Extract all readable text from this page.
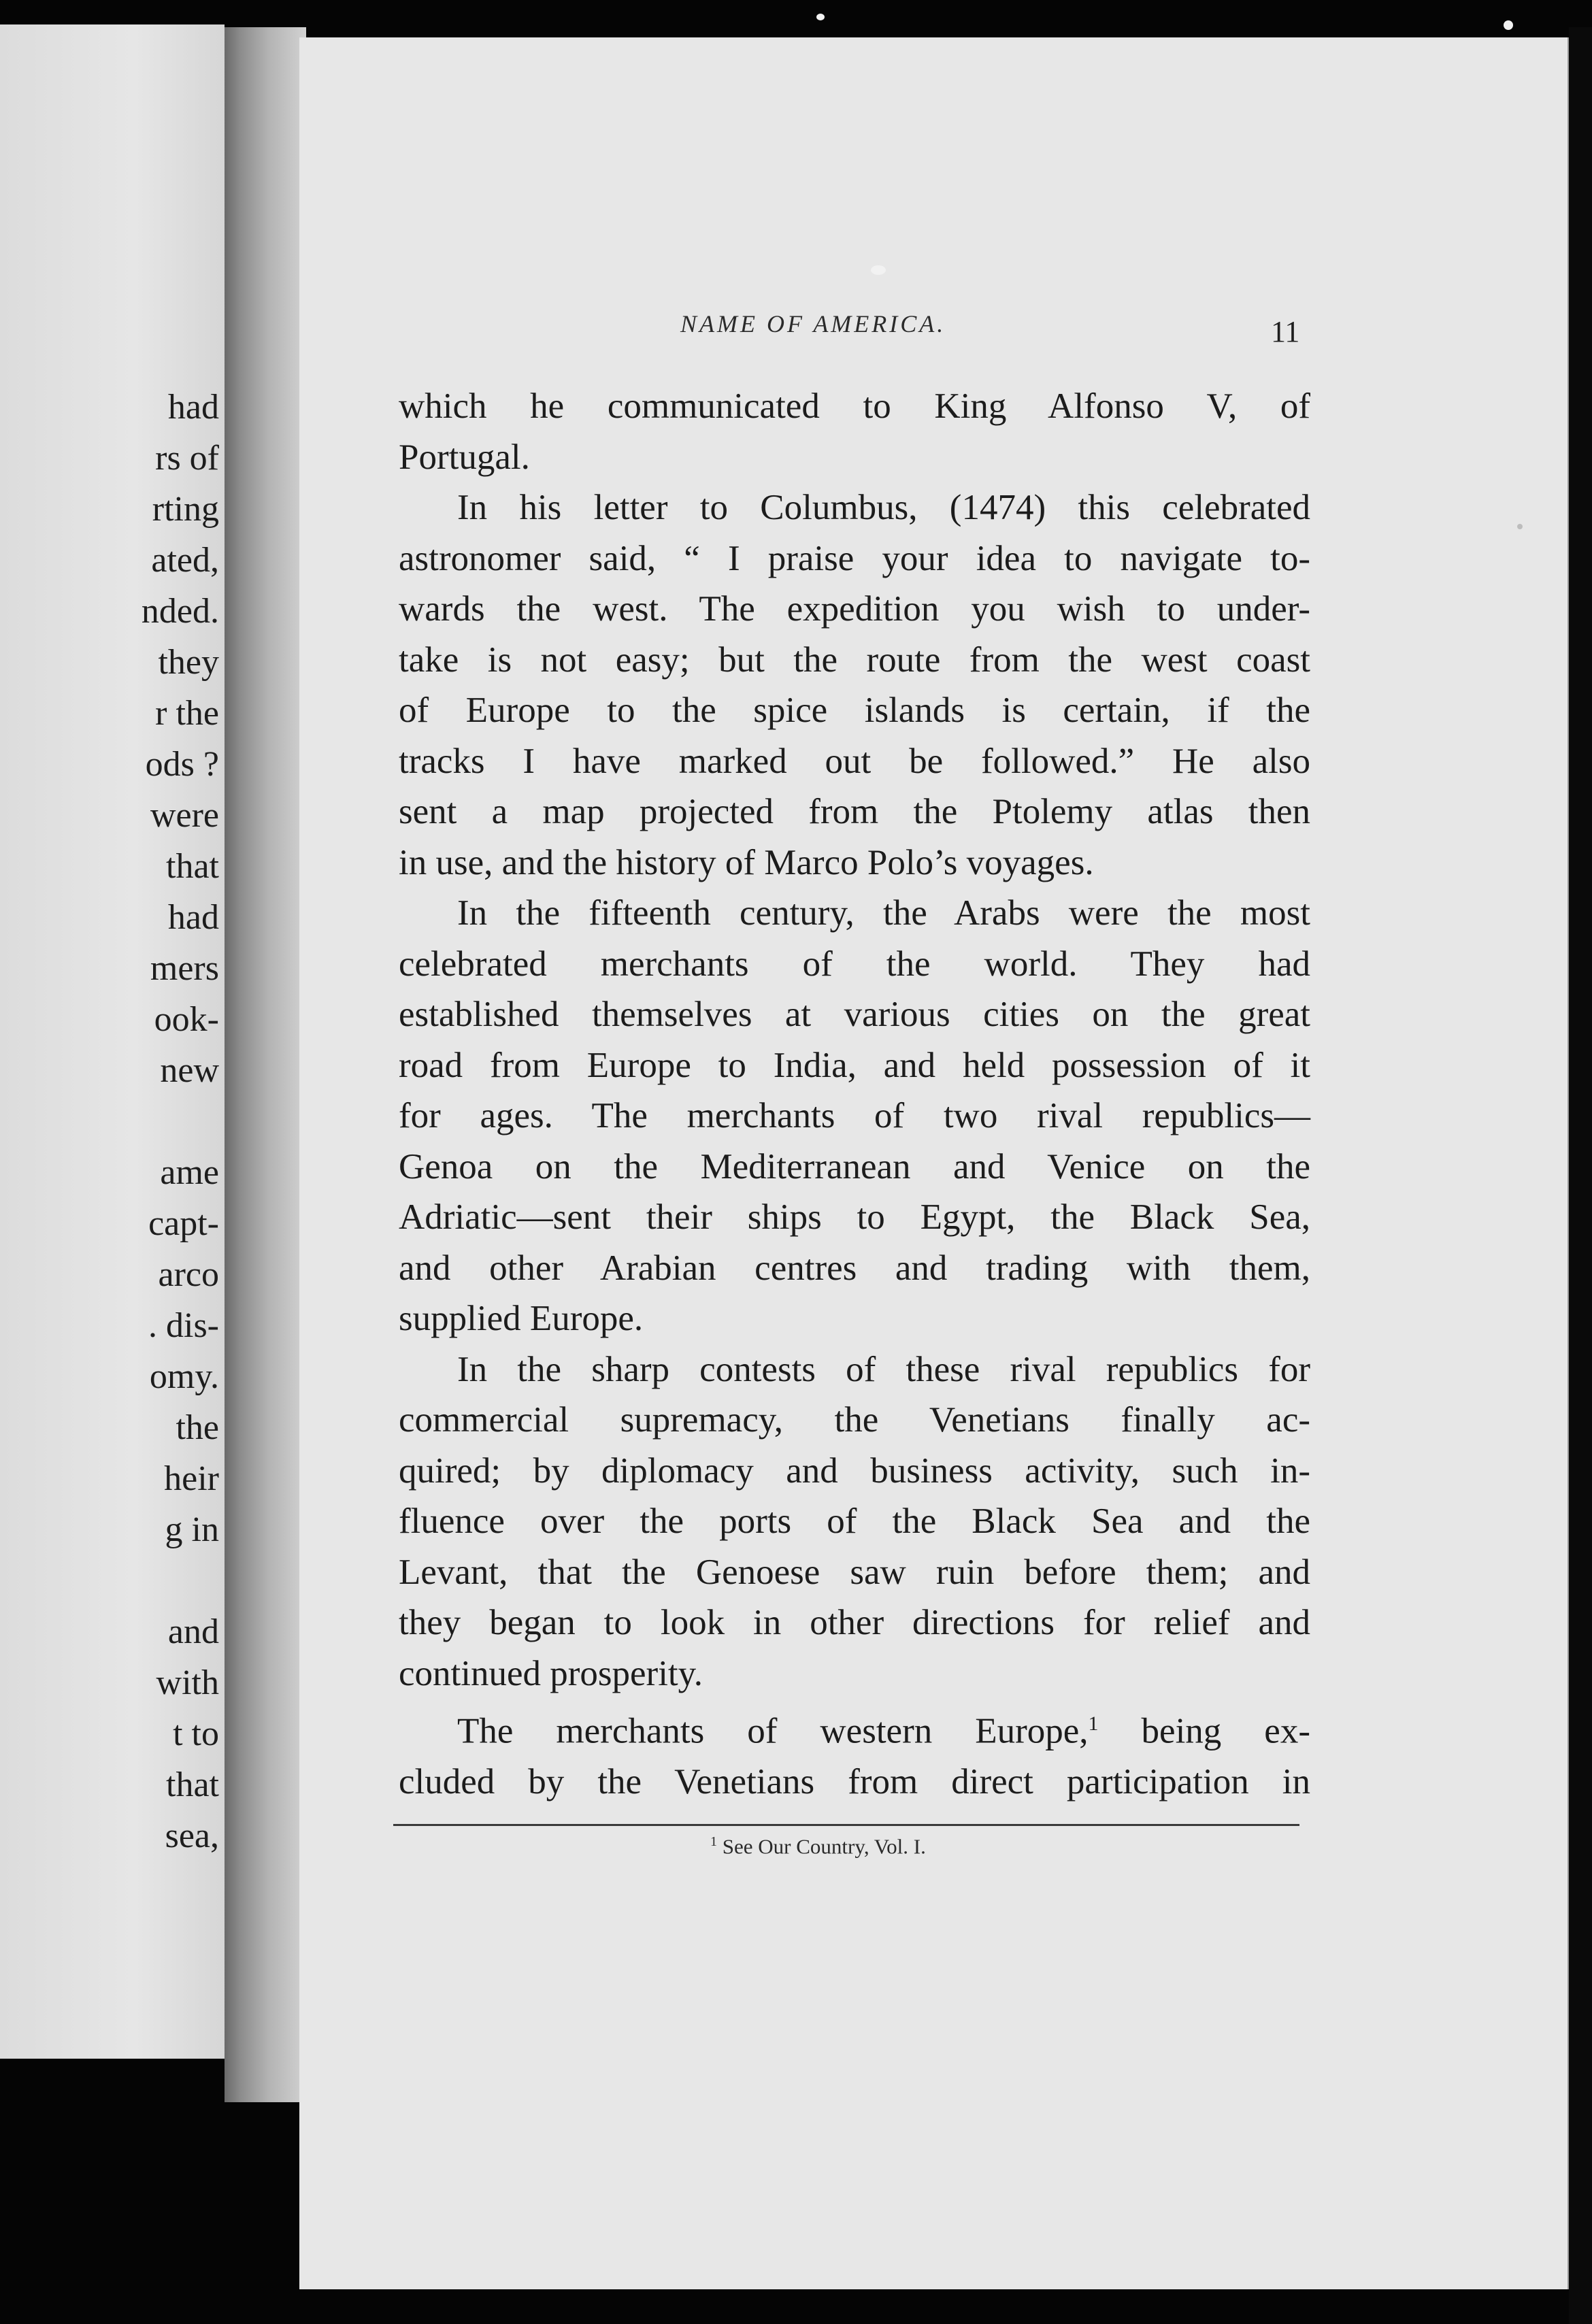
had
rs of
rting
ated,
nded.
they
r the
ods ?
were
that
had
mers
ook-
new
ame
capt-
arco
. dis-
omy.
the
heir
g in
and
with
t to
that
sea,
NAME OF AMERICA.	11

which he communicated to King Alfonso V, of

Portugal.

In his letter to Columbus, (1474) this celebrated

astronomer said, “ I praise your idea to navigate to-

wards the west. The expedition you wish to under-

take is not easy; but the route from the west coast

of Europe to the spice islands is certain, if the

tracks I have marked out be followed.” He also

sent a map projected from the Ptolemy atlas then

in use, and the history of Marco Polo’s voyages.

In the fifteenth century, the Arabs were the most

celebrated merchants of the world. They had

established themselves at various cities on the great

road from Europe to India, and held possession of it

for ages. The merchants of two rival republics—

Genoa on the Mediterranean and Venice on the

Adriatic—sent their ships to Egypt, the Black Sea,

and other Arabian centres and trading with them,

supplied Europe.

In the sharp contests of these rival republics for

commercial supremacy, the Venetians finally ac-

quired; by diplomacy and business activity, such in-

fluence over the ports of the Black Sea and the

Levant, that the Genoese saw ruin before them; and

they began to look in other directions for relief and

continued prosperity.

The merchants of western Europe,$^1$ being ex-

cluded by the Venetians from direct participation in

$^1$ See Our Country, Vol. I.
